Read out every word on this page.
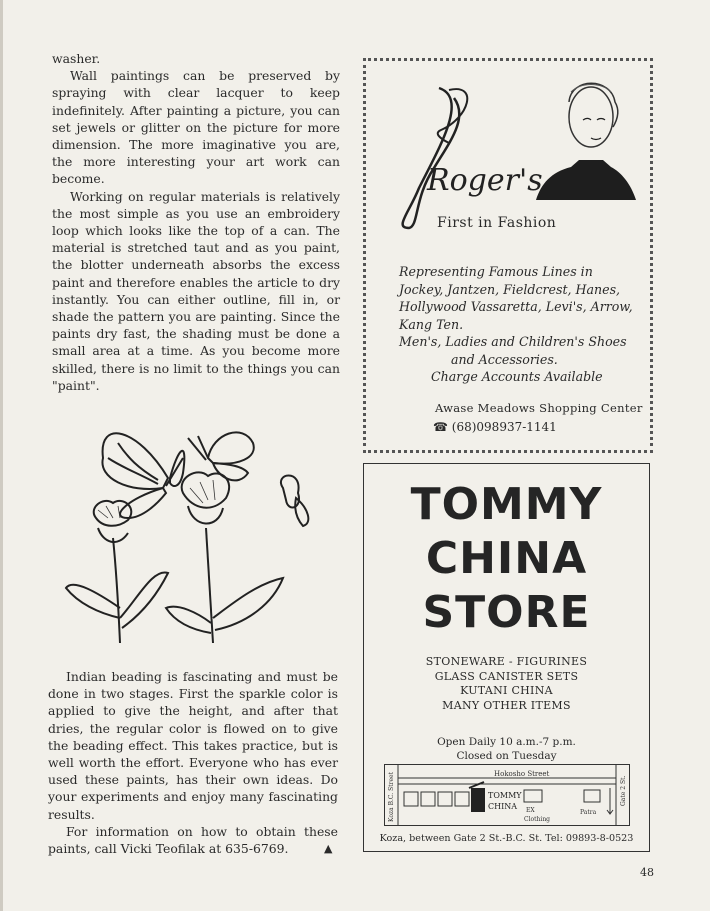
washer.

Wall paintings can be preserved by spraying with clear lacquer to keep indefinitely. After painting a picture, you can set jewels or glitter on the picture for more dimension. The more imaginative you are, the more interesting your art work can become.

Working on regular materials is relatively the most simple as you use an embroidery loop which looks like the top of a can. The material is stretched taut and as you paint, the blotter underneath absorbs the excess paint and therefore enables the article to dry instantly. You can either outline, fill in, or shade the pattern you are painting. Since the paints dry fast, the shading must be done a small area at a time. As you become more skilled, there is no limit to the things you can "paint".

Indian beading is fascinating and must be done in two stages. First the sparkle color is applied to give the height, and after that dries, the regular color is flowed on to give the beading effect. This takes practice, but is well worth the effort. Everyone who has ever used these paints, has their own ideas. Do your experiments and enjoy many fascinating results.

For information on how to obtain these paints, call Vicki Teofilak at 635-6769.	▲
Roger's
First in Fashion
Representing Famous Lines in
Jockey, Jantzen, Fieldcrest, Hanes,
Hollywood Vassaretta, Levi's, Arrow,
Kang Ten.
Men's, Ladies and Children's Shoes
and Accessories.
Charge Accounts Available
Awase Meadows Shopping Center
☎ (68)098937-1141
TOMMY
CHINA
STORE
STONEWARE - FIGURINES
GLASS CANISTER SETS
KUTANI CHINA
MANY OTHER ITEMS
Open Daily 10 a.m.-7 p.m.
Closed on Tuesday
Hokosho Street
Koza B.C. Street	Gate 2 St.
TOMMY
CHINA EX
Clothing
Patra
Koza, between Gate 2 St.-B.C. St. Tel: 09893-8-0523
48
